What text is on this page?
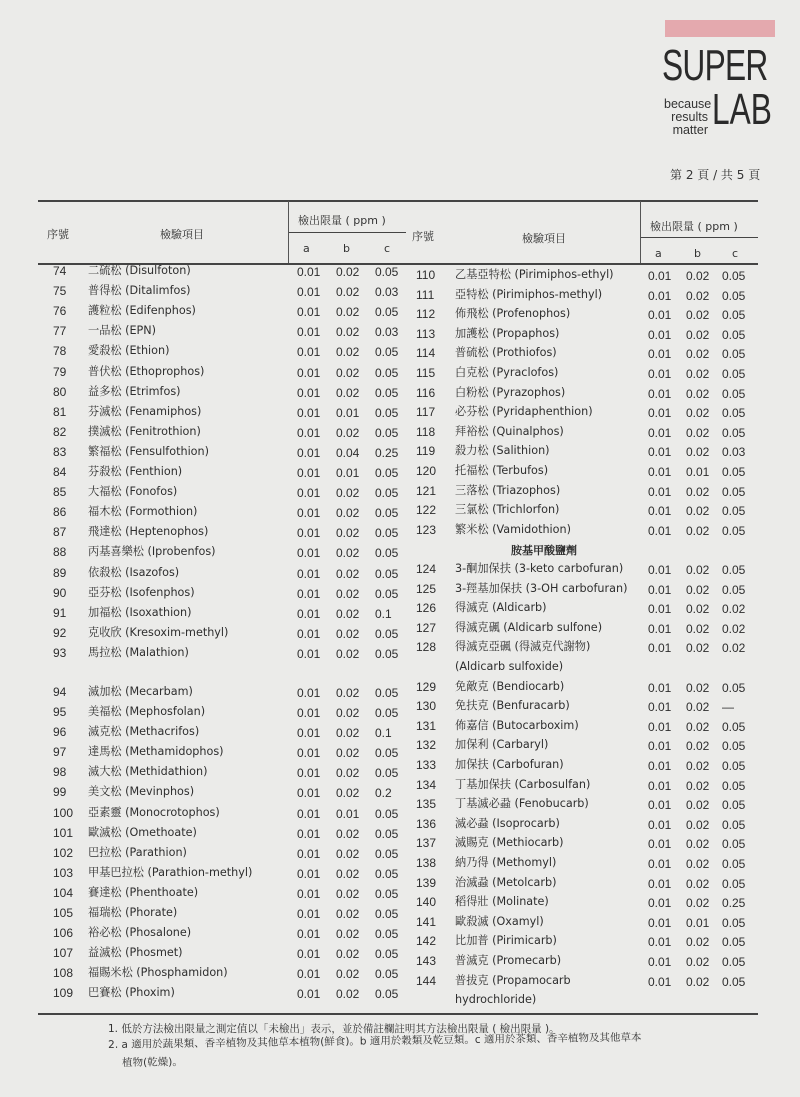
SUPER
because
results
matter LAB
第 2 頁 / 共 5 頁
序號	檢驗項目
檢出限量 ( ppm )
a	b	c
序號	檢驗項目
檢出限量 ( ppm )
a	b	c
74 二硫松 (Disulfoton)	0.01 0.02 0.05
75 普得松 (Ditalimfos)	0.01 0.02 0.03
76 護粒松 (Edifenphos)	0.01 0.02 0.05
77 一品松 (EPN)	0.01 0.02 0.03
78 愛殺松 (Ethion)	0.01 0.02 0.05
79 普伏松 (Ethoprophos)	0.01 0.02 0.05
80 益多松 (Etrimfos)	0.01 0.02 0.05
81 芬滅松 (Fenamiphos)	0.01 0.01 0.05
82 撲滅松 (Fenitrothion)	0.01 0.02 0.05
83 繁福松 (Fensulfothion)	0.01 0.04 0.25
84 芬殺松 (Fenthion)	0.01 0.01 0.05
85 大福松 (Fonofos)	0.01 0.02 0.05
86 福木松 (Formothion)	0.01 0.02 0.05
87 飛達松 (Heptenophos)	0.01 0.02 0.05
88 丙基喜樂松 (Iprobenfos)	0.01 0.02 0.05
89 依殺松 (Isazofos)	0.01 0.02 0.05
90 亞芬松 (Isofenphos)	0.01 0.02 0.05
91 加福松 (Isoxathion)	0.01 0.02 0.1
92 克收欣 (Kresoxim-methyl)	0.01 0.02 0.05
93 馬拉松 (Malathion)	0.01 0.02 0.05
94 滅加松 (Mecarbam)	0.01 0.02 0.05
95 美福松 (Mephosfolan)	0.01 0.02 0.05
96 滅克松 (Methacrifos)	0.01 0.02 0.1
97 達馬松 (Methamidophos)	0.01 0.02 0.05
98 滅大松 (Methidathion)	0.01 0.02 0.05
99 美文松 (Mevinphos)	0.01 0.02 0.2
100 亞素靈 (Monocrotophos)	0.01 0.01 0.05
101 歐滅松 (Omethoate)	0.01 0.02 0.05
102 巴拉松 (Parathion)	0.01 0.02 0.05
103 甲基巴拉松 (Parathion-methyl)	0.01 0.02 0.05
104 賽達松 (Phenthoate)	0.01 0.02 0.05
105 福瑞松 (Phorate)	0.01 0.02 0.05
106 裕必松 (Phosalone)	0.01 0.02 0.05
107 益滅松 (Phosmet)	0.01 0.02 0.05
108 福賜米松 (Phosphamidon)	0.01 0.02 0.05
109 巴賽松 (Phoxim)	0.01 0.02 0.05
110 乙基亞特松 (Pirimiphos-ethyl)	0.01 0.02 0.05
111 亞特松 (Pirimiphos-methyl)	0.01 0.02 0.05
112 佈飛松 (Profenophos)	0.01 0.02 0.05
113 加護松 (Propaphos)	0.01 0.02 0.05
114 普硫松 (Prothiofos)	0.01 0.02 0.05
115 白克松 (Pyraclofos)	0.01 0.02 0.05
116 白粉松 (Pyrazophos)	0.01 0.02 0.05
117 必芬松 (Pyridaphenthion)	0.01 0.02 0.05
118 拜裕松 (Quinalphos)	0.01 0.02 0.05
119 殺力松 (Salithion)	0.01 0.02 0.03
120 托福松 (Terbufos)	0.01 0.01 0.05
121 三落松 (Triazophos)	0.01 0.02 0.05
122 三氯松 (Trichlorfon)	0.01 0.02 0.05
123 繁米松 (Vamidothion)	0.01 0.02 0.05
胺基甲酸鹽劑
124 3-酮加保扶 (3-keto carbofuran) 0.01 0.02 0.05
125 3-羥基加保扶 (3-OH carbofuran) 0.01 0.02 0.05
126 得滅克 (Aldicarb)	0.01 0.02 0.02
127 得滅克碸 (Aldicarb sulfone)	0.01 0.02 0.02
128 得滅克亞碸 (得滅克代謝物)	0.01 0.02 0.02
(Aldicarb sulfoxide)
129 免敵克 (Bendiocarb)	0.01 0.02 0.05
130 免扶克 (Benfuracarb)	0.01 0.02 —
131 佈嘉信 (Butocarboxim)	0.01 0.02 0.05
132 加保利 (Carbaryl)	0.01 0.02 0.05
133 加保扶 (Carbofuran)	0.01 0.02 0.05
134 丁基加保扶 (Carbosulfan)	0.01 0.02 0.05
135 丁基滅必蝨 (Fenobucarb)	0.01 0.02 0.05
136 滅必蝨 (Isoprocarb)	0.01 0.02 0.05
137 滅賜克 (Methiocarb)	0.01 0.02 0.05
138 納乃得 (Methomyl)	0.01 0.02 0.05
139 治滅蝨 (Metolcarb)	0.01 0.02 0.05
140 稻得壯 (Molinate)	0.01 0.02 0.25
141 歐殺滅 (Oxamyl)	0.01 0.01 0.05
142 比加普 (Pirimicarb)	0.01 0.02 0.05
143 普滅克 (Promecarb)	0.01 0.02 0.05
144 普拔克 (Propamocarb	0.01 0.02 0.05
hydrochloride)
1. 低於方法檢出限量之測定值以「未檢出」表示，並於備註欄註明其方法檢出限量 ( 檢出限量 )。
2. a 適用於蔬果類、香辛植物及其他草本植物(鮮食)。b 適用於穀類及乾豆類。c 適用於茶類、香辛植物及其他草本
植物(乾燥)。
